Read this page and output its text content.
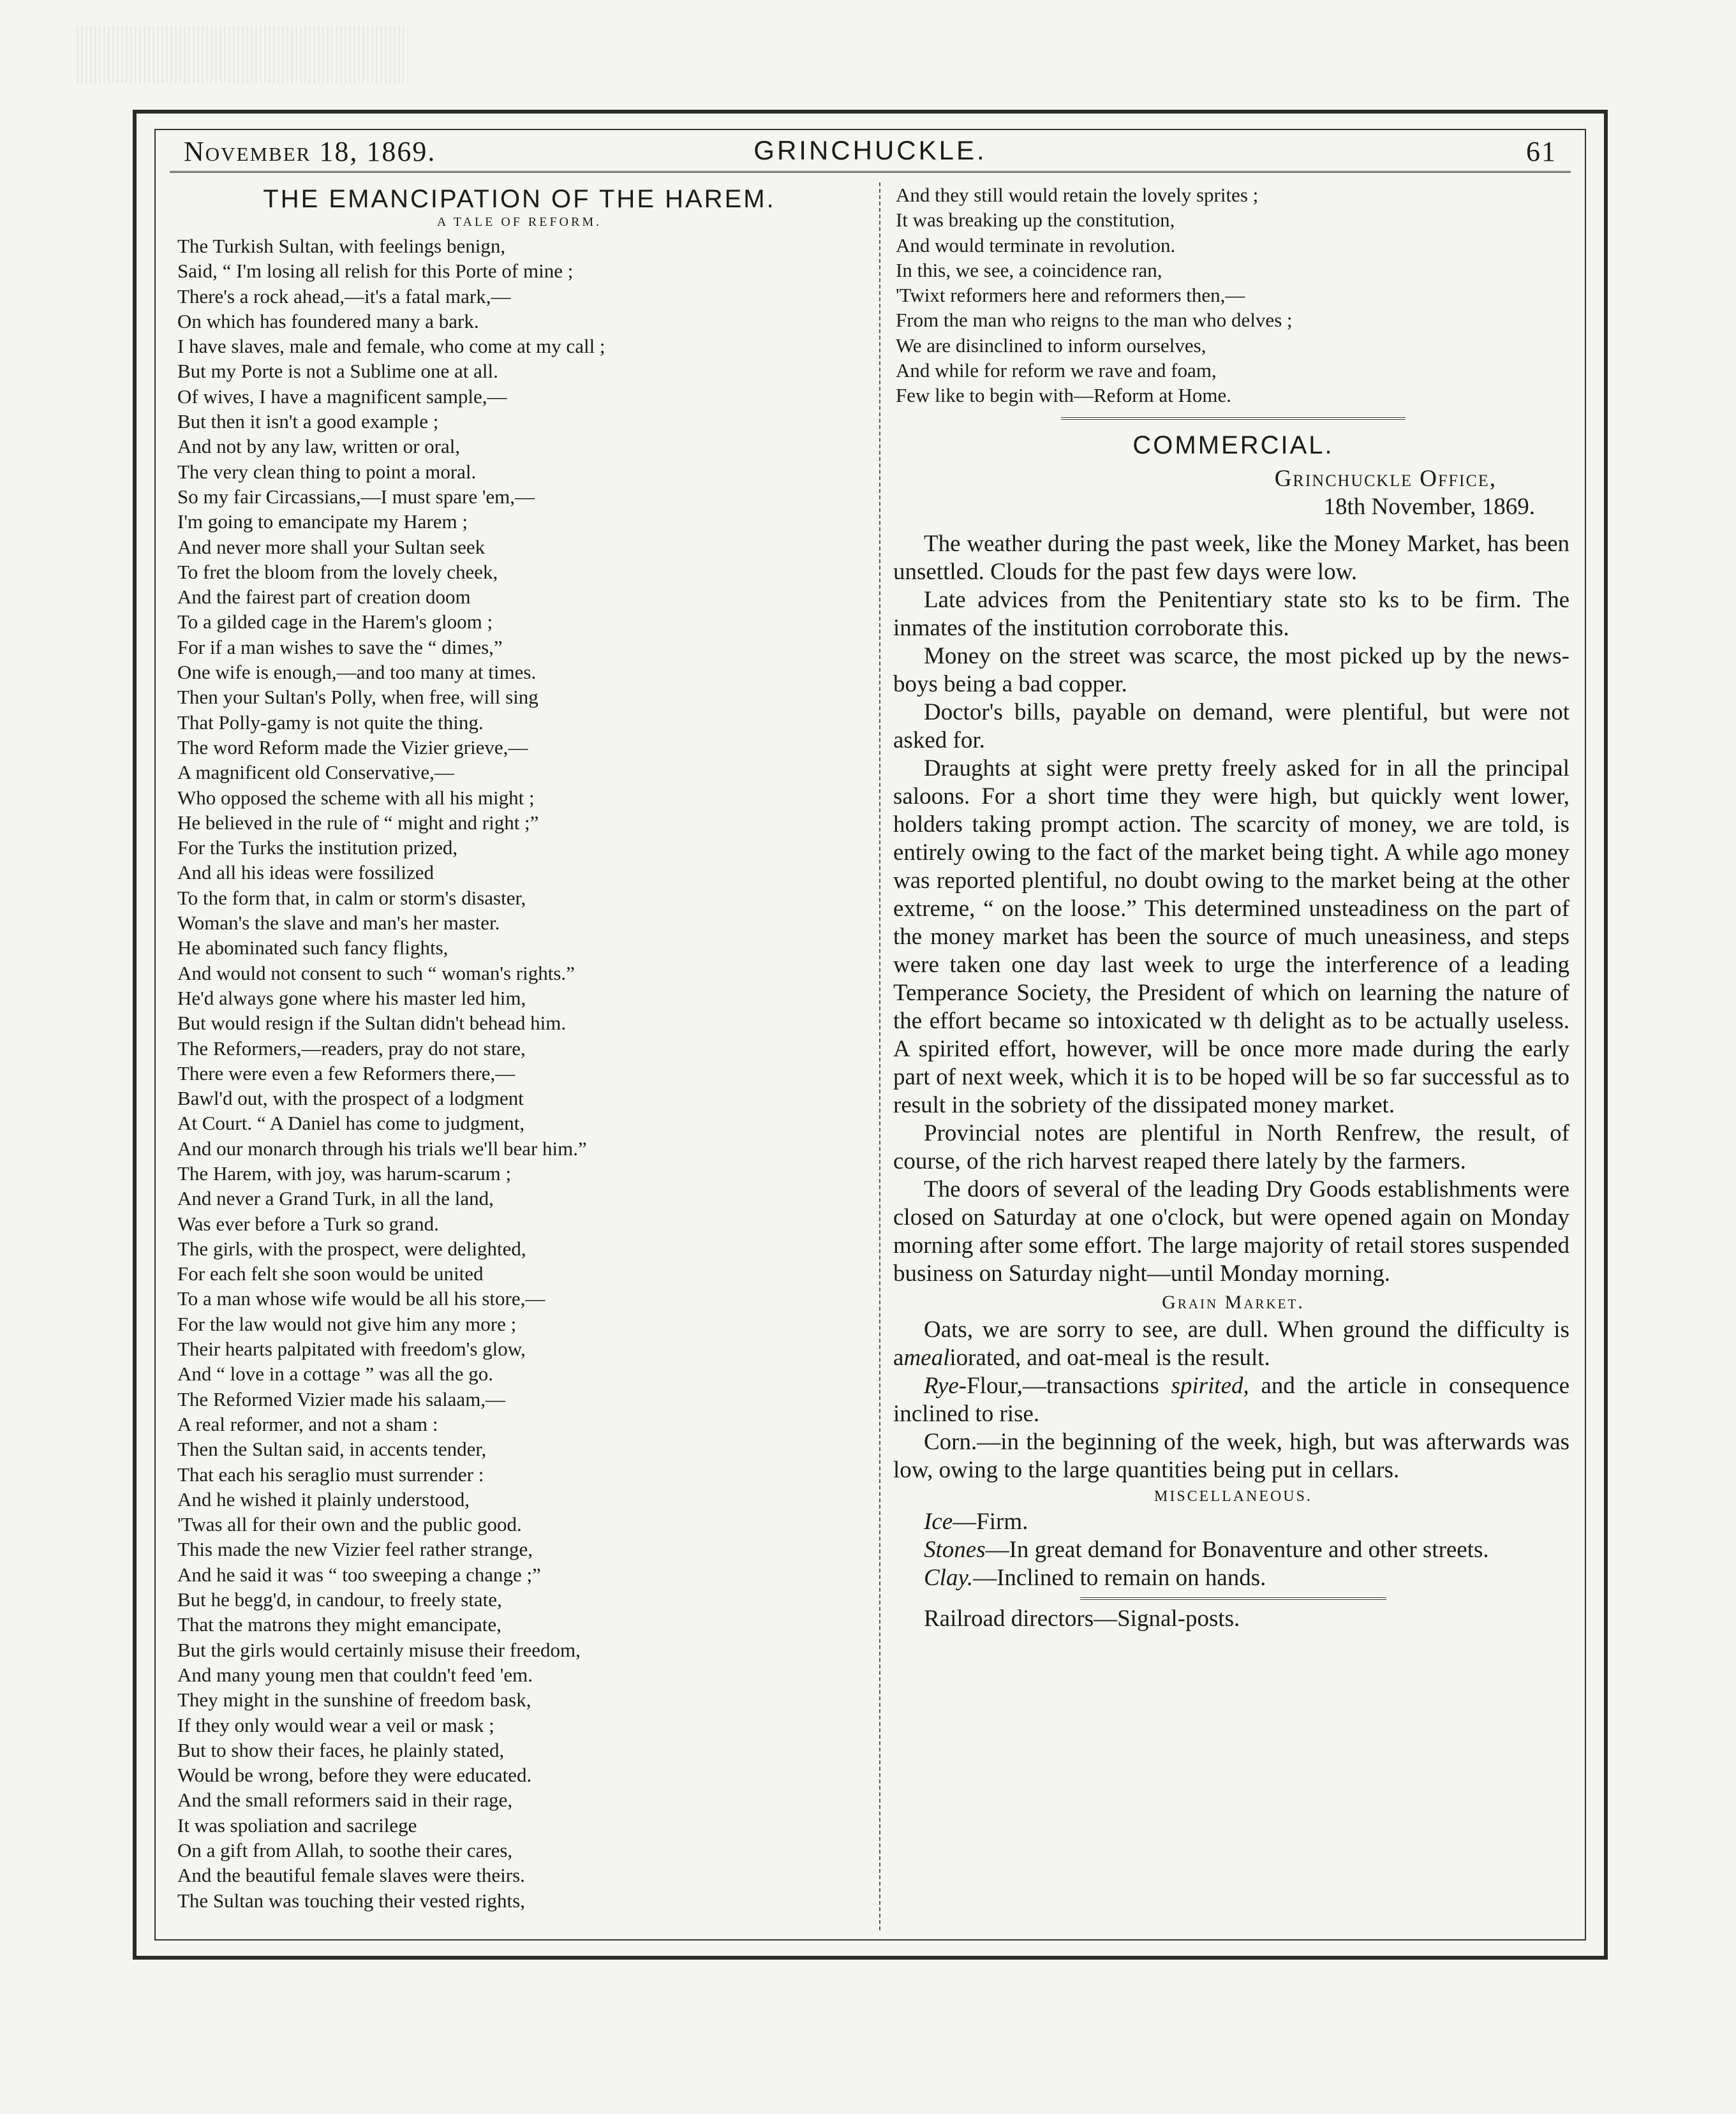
November 18, 1869.	GRINCHUCKLE.	61
THE EMANCIPATION OF THE HAREM.
A TALE OF REFORM.
The Turkish Sultan, with feelings benign,
Said, “ I'm losing all relish for this Porte of mine ;
There's a rock ahead,—it's a fatal mark,—
On which has foundered many a bark.
I have slaves, male and female, who come at my call ;
But my Porte is not a Sublime one at all.
Of wives, I have a magnificent sample,—
But then it isn't a good example ;
And not by any law, written or oral,
The very clean thing to point a moral.
So my fair Circassians,—I must spare 'em,—
I'm going to emancipate my Harem ;
And never more shall your Sultan seek
To fret the bloom from the lovely cheek,
And the fairest part of creation doom
To a gilded cage in the Harem's gloom ;
For if a man wishes to save the “ dimes,”
One wife is enough,—and too many at times.
Then your Sultan's Polly, when free, will sing
That Polly-gamy is not quite the thing.
The word Reform made the Vizier grieve,—
A magnificent old Conservative,—
Who opposed the scheme with all his might ;
He believed in the rule of “ might and right ;”
For the Turks the institution prized,
And all his ideas were fossilized
To the form that, in calm or storm's disaster,
Woman's the slave and man's her master.
He abominated such fancy flights,
And would not consent to such “ woman's rights.”
He'd always gone where his master led him,
But would resign if the Sultan didn't behead him.
The Reformers,—readers, pray do not stare,
There were even a few Reformers there,—
Bawl'd out, with the prospect of a lodgment
At Court. “ A Daniel has come to judgment,
And our monarch through his trials we'll bear him.”
The Harem, with joy, was harum-scarum ;
And never a Grand Turk, in all the land,
Was ever before a Turk so grand.
The girls, with the prospect, were delighted,
For each felt she soon would be united
To a man whose wife would be all his store,—
For the law would not give him any more ;
Their hearts palpitated with freedom's glow,
And “ love in a cottage ” was all the go.
The Reformed Vizier made his salaam,—
A real reformer, and not a sham :
Then the Sultan said, in accents tender,
That each his seraglio must surrender :
And he wished it plainly understood,
'Twas all for their own and the public good.
This made the new Vizier feel rather strange,
And he said it was “ too sweeping a change ;”
But he begg'd, in candour, to freely state,
That the matrons they might emancipate,
But the girls would certainly misuse their freedom,
And many young men that couldn't feed 'em.
They might in the sunshine of freedom bask,
If they only would wear a veil or mask ;
But to show their faces, he plainly stated,
Would be wrong, before they were educated.
And the small reformers said in their rage,
It was spoliation and sacrilege
On a gift from Allah, to soothe their cares,
And the beautiful female slaves were theirs.
The Sultan was touching their vested rights,
And they still would retain the lovely sprites ;
It was breaking up the constitution,
And would terminate in revolution.
In this, we see, a coincidence ran,
'Twixt reformers here and reformers then,—
From the man who reigns to the man who delves ;
We are disinclined to inform ourselves,
And while for reform we rave and foam,
Few like to begin with—Reform at Home.
COMMERCIAL.
Grinchuckle Office,
18th November, 1869.

The weather during the past week, like the Money Market, has been unsettled. Clouds for the past few days were low.

Late advices from the Penitentiary state sto ks to be firm. The inmates of the institution corroborate this.

Money on the street was scarce, the most picked up by the news-boys being a bad copper.

Doctor's bills, payable on demand, were plentiful, but were not asked for.

Draughts at sight were pretty freely asked for in all the principal saloons. For a short time they were high, but quickly went lower, holders taking prompt action. The scarcity of money, we are told, is entirely owing to the fact of the market being tight. A while ago money was reported plentiful, no doubt owing to the market being at the other extreme, “ on the loose.” This determined unsteadiness on the part of the money market has been the source of much uneasiness, and steps were taken one day last week to urge the interference of a leading Temperance Society, the President of which on learning the nature of the effort became so intoxicated w th delight as to be actually useless. A spirited effort, however, will be once more made during the early part of next week, which it is to be hoped will be so far successful as to result in the sobriety of the dissipated money market.

Provincial notes are plentiful in North Renfrew, the result, of course, of the rich harvest reaped there lately by the farmers.

The doors of several of the leading Dry Goods establishments were closed on Saturday at one o'clock, but were opened again on Monday morning after some effort. The large majority of retail stores suspended business on Saturday night—until Monday morning.

Grain Market.

Oats, we are sorry to see, are dull. When ground the difficulty is amealiorated, and oat-meal is the result.

Rye-Flour,—transactions spirited, and the article in consequence inclined to rise.

Corn.—in the beginning of the week, high, but was afterwards was low, owing to the large quantities being put in cellars.

MISCELLANEOUS.

Ice—Firm.

Stones—In great demand for Bonaventure and other streets.

Clay.—Inclined to remain on hands.

Railroad directors—Signal-posts.
